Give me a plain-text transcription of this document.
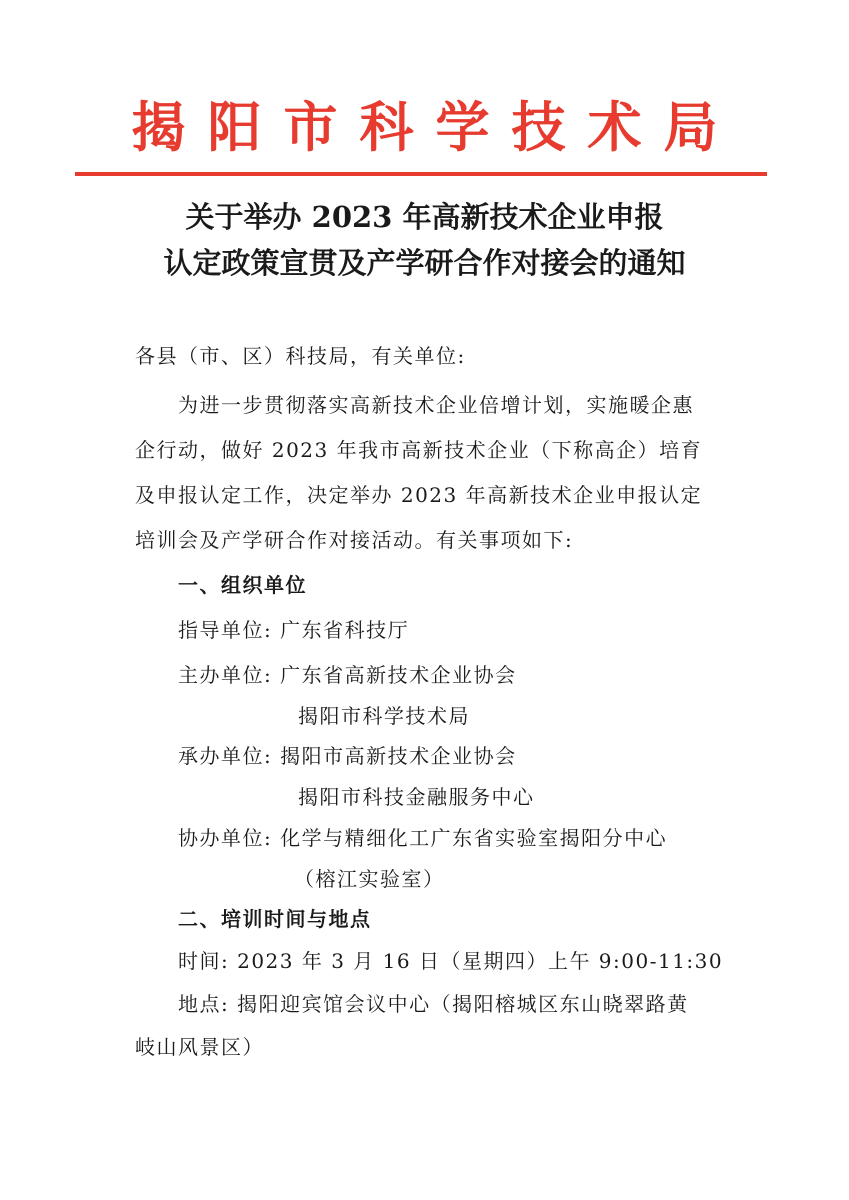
揭阳市科学技术局
关于举办 2023 年高新技术企业申报
认定政策宣贯及产学研合作对接会的通知
各县（市、区）科技局，有关单位:
为进一步贯彻落实高新技术企业倍增计划，实施暖企惠
企行动，做好 2023 年我市高新技术企业（下称高企）培育
及申报认定工作，决定举办 2023 年高新技术企业申报认定
培训会及产学研合作对接活动。有关事项如下:
一、组织单位
指导单位: 广东省科技厅
主办单位: 广东省高新技术企业协会
揭阳市科学技术局
承办单位: 揭阳市高新技术企业协会
揭阳市科技金融服务中心
协办单位: 化学与精细化工广东省实验室揭阳分中心
（榕江实验室）
二、培训时间与地点
时间: 2023 年 3 月 16 日（星期四）上午 9:00-11:30
地点: 揭阳迎宾馆会议中心（揭阳榕城区东山晓翠路黄
岐山风景区）
